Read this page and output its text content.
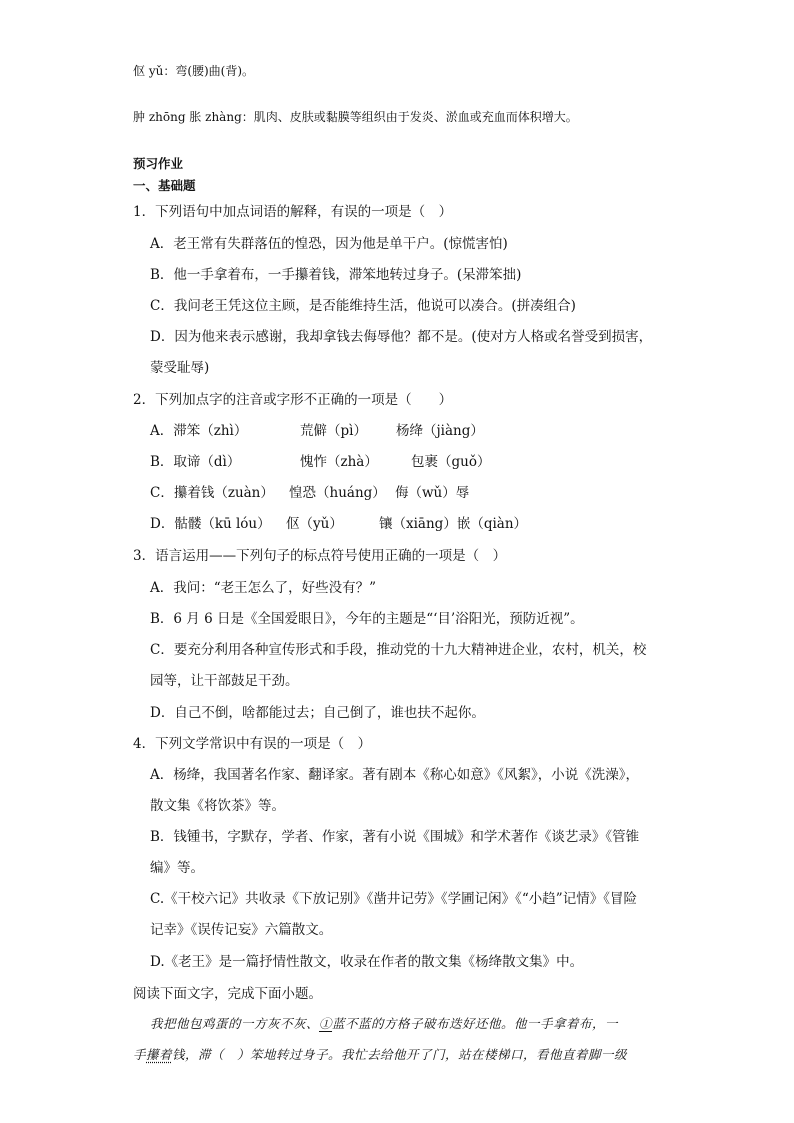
伛 yǔ：弯(腰)曲(背)。
肿 zhōng 胀 zhàng：肌肉、皮肤或黏膜等组织由于发炎、淤血或充血而体积增大。
预习作业
一、基础题
1．下列语句中加点词语的解释，有误的一项是（　）
A．老王常有失群落伍的惶恐，因为他是单干户。(惊慌害怕)
B．他一手拿着布，一手攥着钱，滞笨地转过身子。(呆滞笨拙)
C．我问老王凭这位主顾，是否能维持生活，他说可以凑合。(拼凑组合)
D．因为他来表示感谢，我却拿钱去侮辱他？都不是。(使对方人格或名誉受到损害，
蒙受耻辱)
2．下列加点字的注音或字形不正确的一项是（　　）
A．滞笨（zhì）	荒僻（pì） 杨绛（jiàng）
B．取谛（dì）	愧怍（zhà） 包裹（guǒ）
C．攥着钱（zuàn） 惶恐（huáng） 侮（wǔ）辱
D．骷髅（kū lóu） 伛（yǔ）	镶（xiāng）嵌（qiàn）
3．语言运用——下列句子的标点符号使用正确的一项是（　）
A．我问：“老王怎么了，好些没有？”
B．6 月 6 日是《全国爱眼日》，今年的主题是“‘目’浴阳光，预防近视”。
C．要充分利用各种宣传形式和手段，推动党的十九大精神进企业，农村，机关，校
园等，让干部鼓足干劲。
D．自己不倒，啥都能过去；自己倒了，谁也扶不起你。
4．下列文学常识中有误的一项是（　）
A．杨绛，我国著名作家、翻译家。著有剧本《称心如意》《风絮》，小说《洗澡》，
散文集《将饮茶》等。
B．钱锺书，字默存，学者、作家，著有小说《围城》和学术著作《谈艺录》《管锥
编》等。
C.《干校六记》共收录《下放记别》《凿井记劳》《学圃记闲》《“小趋”记情》《冒险
记幸》《误传记妄》六篇散文。
D.《老王》是一篇抒情性散文，收录在作者的散文集《杨绛散文集》中。
阅读下面文字，完成下面小题。
我把他包鸡蛋的一方灰不灰、①蓝不蓝的方格子破布迭好还他。他一手拿着布，一
手攥着钱，滞（　）笨地转过身子。我忙去给他开了门，站在楼梯口，看他直着脚一级
